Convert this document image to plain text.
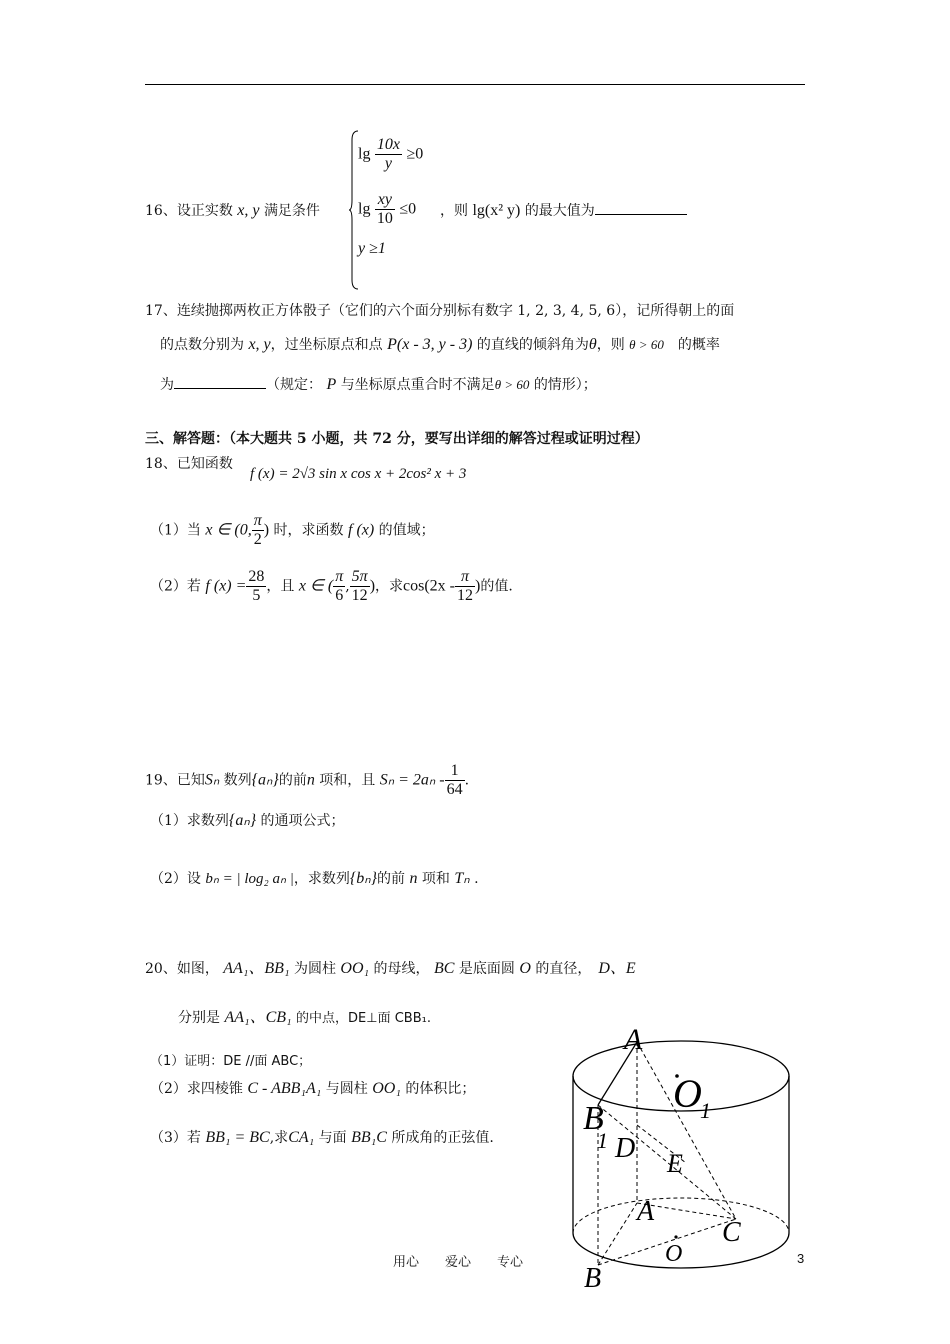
16、设正实数 x, y 满足条件
$\lg \frac{10x}{y} \ge 0$
$\lg \frac{xy}{10} \le 0$
y ≥1
，则 lg(x² y) 的最大值为
17、连续抛掷两枚正方体骰子（它们的六个面分别标有数字 1, 2, 3, 4, 5, 6），记所得朝上的面
的点数分别为 x, y，过坐标原点和点 P(x - 3, y - 3) 的直线的倾斜角为θ，则 θ > 60　 的概率
为	（规定： P 与坐标原点重合时不满足θ > 60 的情形）；
三、解答题：（本大题共 5 小题，共 72 分，要写出详细的解答过程或证明过程）
18、已知函数
f (x) = 2√3 sin x cos x + 2cos² x + 3
（1）当 x ∈ (0, $\frac{\pi}{2}$ ) 时，求函数 f (x) 的值域；
（2）若 f $(x) = \frac{28}{5}$ ，且 x ∈ ( $\frac{\pi}{6}$ , $\frac{5\pi}{12}$ )，求$\cos(2x - \frac{\pi}{12}$ )的值.
19、已知Sₙ 数列{aₙ}的前n 项和，且 $S_n = 2a_n - \frac{1}{64}$ .
（1）求数列{aₙ} 的通项公式；
（2）设 bₙ = | log₂ aₙ |，求数列{bₙ}的前 n 项和 Tₙ .
20、如图， AA₁、BB₁ 为圆柱 OO₁ 的母线， BC 是底面圆 O 的直径，　 D、E
分别是 AA₁、CB₁ 的中点，DE⊥面 CBB₁.
（1）证明：DE //面 ABC；
（2）求四棱锥 C - ABB₁A₁ 与圆柱 OO₁ 的体积比；
（3）若 BB₁ = BC,求CA₁ 与面 BB₁C 所成角的正弦值.
A
O
1
B
1 D E
A
C
O
B
用心　　爱心　　专心	3
